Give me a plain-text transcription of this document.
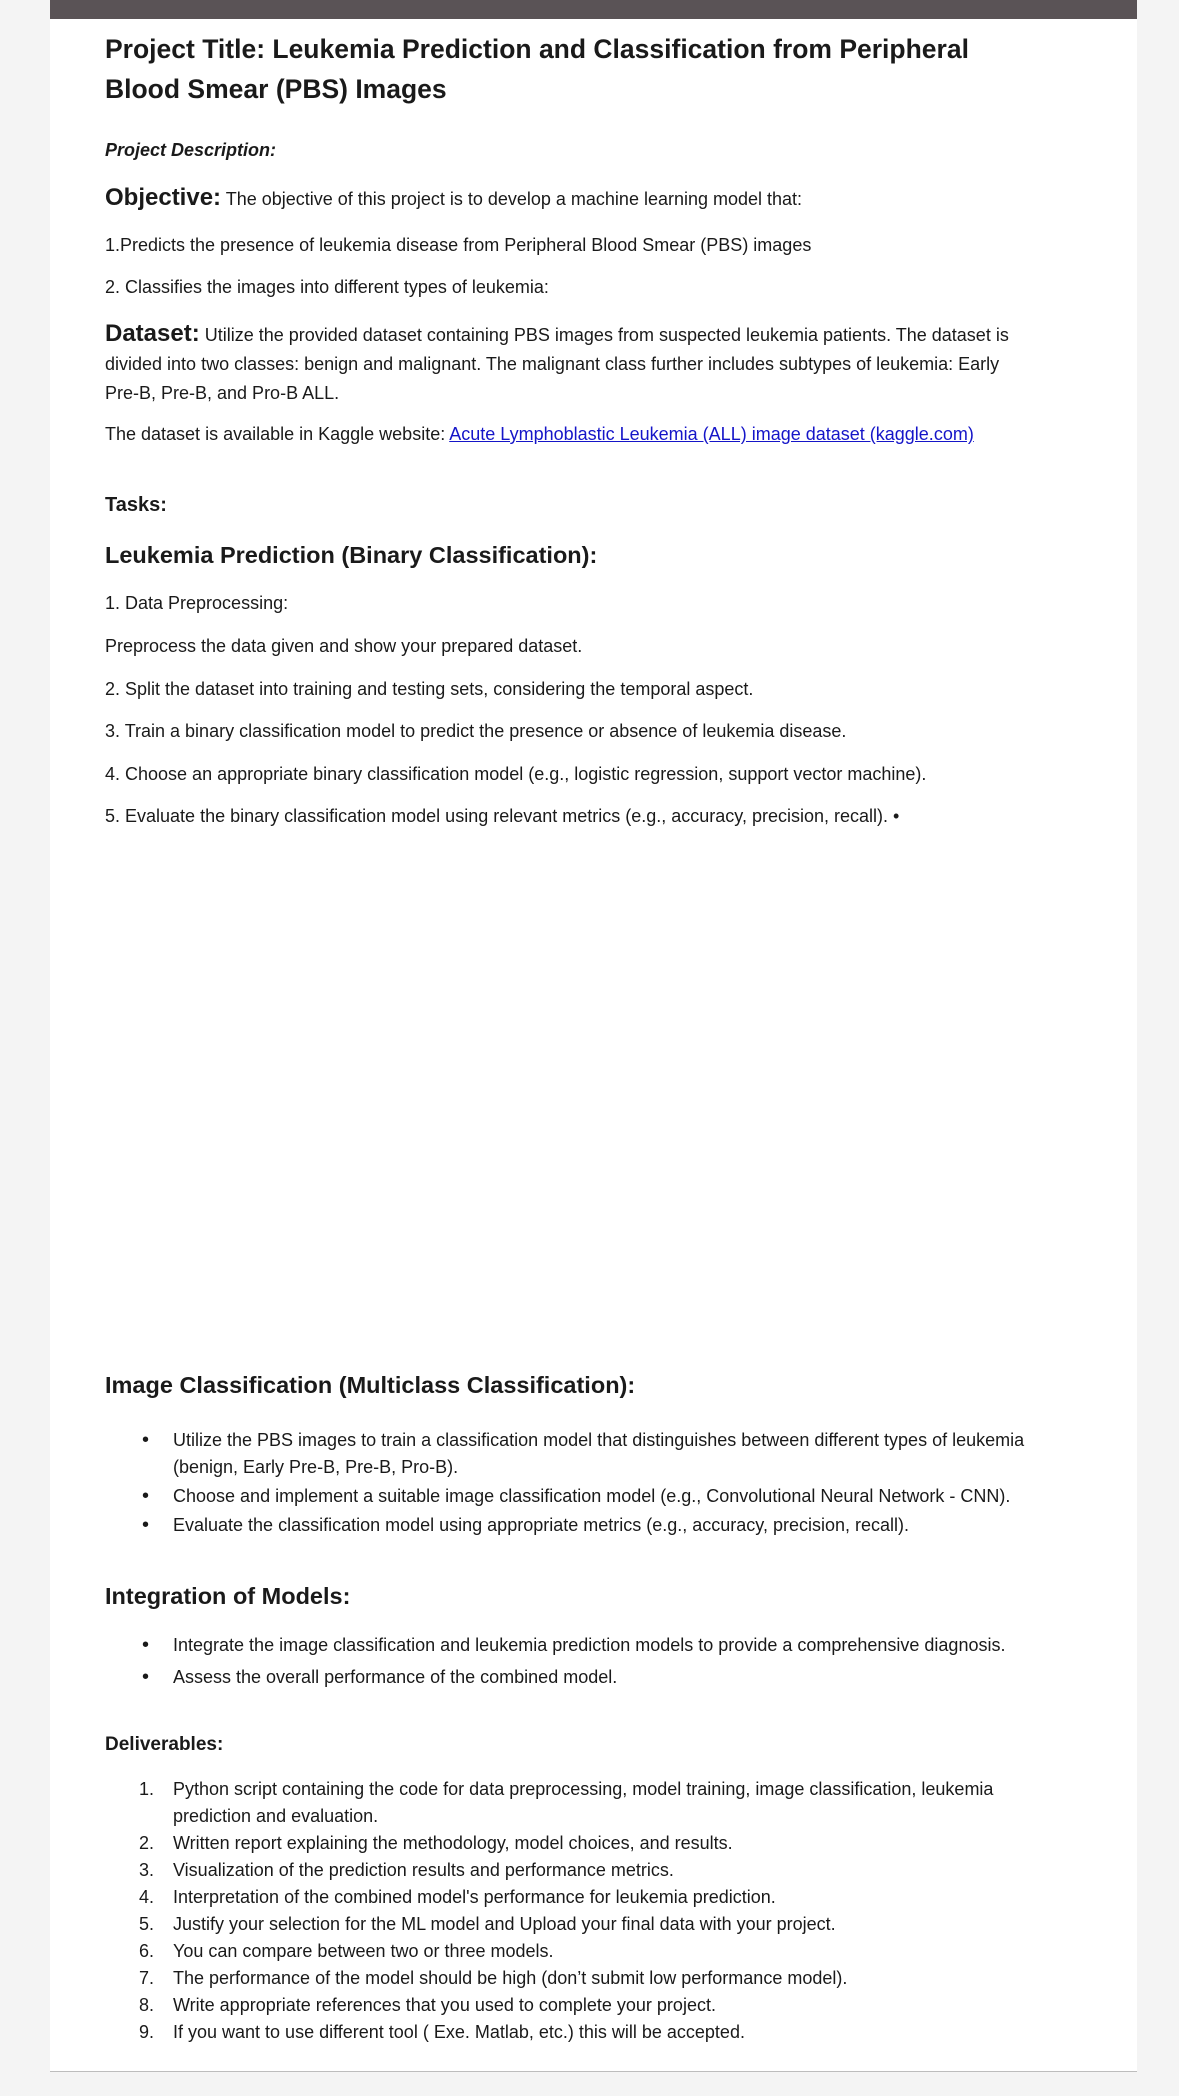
Project Title: Leukemia Prediction and Classification from Peripheral Blood Smear (PBS) Images
Project Description:
Objective: The objective of this project is to develop a machine learning model that:

1.Predicts the presence of leukemia disease from Peripheral Blood Smear (PBS) images

2. Classifies the images into different types of leukemia:

Dataset: Utilize the provided dataset containing PBS images from suspected leukemia patients. The dataset is divided into two classes: benign and malignant. The malignant class further includes subtypes of leukemia: Early Pre-B, Pre-B, and Pro-B ALL.
The dataset is available in Kaggle website: Acute Lymphoblastic Leukemia (ALL) image dataset (kaggle.com)
Tasks:
Leukemia Prediction (Binary Classification):

1. Data Preprocessing:

Preprocess the data given and show your prepared dataset.

2. Split the dataset into training and testing sets, considering the temporal aspect.

3. Train a binary classification model to predict the presence or absence of leukemia disease.

4. Choose an appropriate binary classification model (e.g., logistic regression, support vector machine).

5. Evaluate the binary classification model using relevant metrics (e.g., accuracy, precision, recall). •

Image Classification (Multiclass Classification):
• Utilize the PBS images to train a classification model that distinguishes between different types of leukemia (benign, Early Pre-B, Pre-B, Pro-B).
• Choose and implement a suitable image classification model (e.g., Convolutional Neural Network - CNN).
• Evaluate the classification model using appropriate metrics (e.g., accuracy, precision, recall).
Integration of Models:
• Integrate the image classification and leukemia prediction models to provide a comprehensive diagnosis.
• Assess the overall performance of the combined model.
Deliverables:
1. Python script containing the code for data preprocessing, model training, image classification, leukemia prediction and evaluation.
2. Written report explaining the methodology, model choices, and results.
3. Visualization of the prediction results and performance metrics.
4. Interpretation of the combined model's performance for leukemia prediction.
5. Justify your selection for the ML model and Upload your final data with your project.
6. You can compare between two or three models.
7. The performance of the model should be high (don’t submit low performance model).
8. Write appropriate references that you used to complete your project.
9. If you want to use different tool ( Exe. Matlab, etc.) this will be accepted.
